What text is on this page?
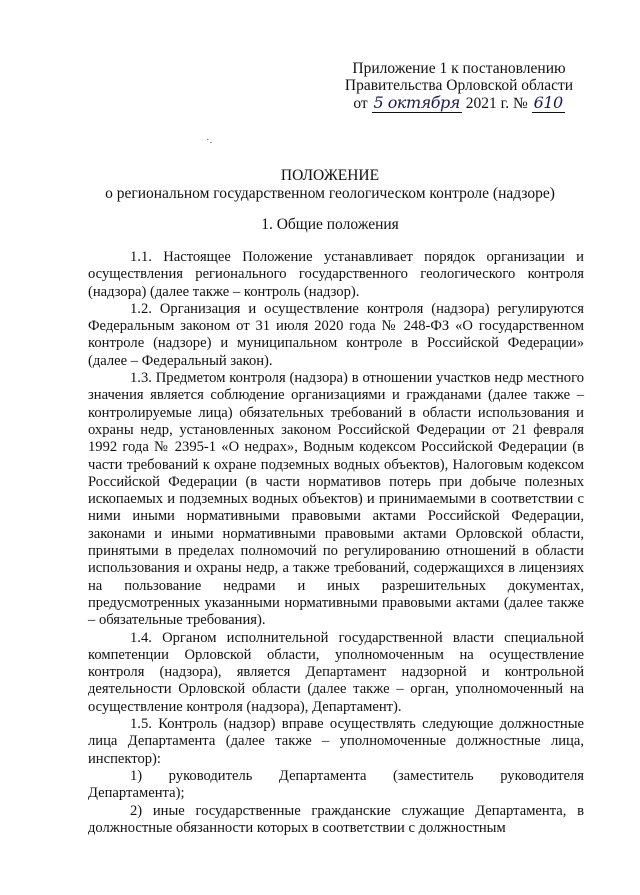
Приложение 1 к постановлению
Правительства Орловской области
от 5 октября 2021 г. № 610
·.
ПОЛОЖЕНИЕ
о региональном государственном геологическом контроле (надзоре)
1. Общие положения

1.1. Настоящее Положение устанавливает порядок организации и осуществления регионального государственного геологического контроля (надзора) (далее также – контроль (надзор).

1.2. Организация и осуществление контроля (надзора) регулируются Федеральным законом от 31 июля 2020 года № 248-ФЗ «О государственном контроле (надзоре) и муниципальном контроле в Российской Федерации» (далее – Федеральный закон).

1.3. Предметом контроля (надзора) в отношении участков недр местного значения является соблюдение организациями и гражданами (далее также – контролируемые лица) обязательных требований в области использования и охраны недр, установленных законом Российской Федерации от 21 февраля 1992 года № 2395-1 «О недрах», Водным кодексом Российской Федерации (в части требований к охране подземных водных объектов), Налоговым кодексом Российской Федерации (в части нормативов потерь при добыче полезных ископаемых и подземных водных объектов) и принимаемыми в соответствии с ними иными нормативными правовыми актами Российской Федерации, законами и иными нормативными правовыми актами Орловской области, принятыми в пределах полномочий по регулированию отношений в области использования и охраны недр, а также требований, содержащихся в лицензиях на пользование недрами и иных разрешительных документах, предусмотренных указанными нормативными правовыми актами (далее также – обязательные требования).

1.4. Органом исполнительной государственной власти специальной компетенции Орловской области, уполномоченным на осуществление контроля (надзора), является Департамент надзорной и контрольной деятельности Орловской области (далее также – орган, уполномоченный на осуществление контроля (надзора), Департамент).

1.5. Контроль (надзор) вправе осуществлять следующие должностные лица Департамента (далее также – уполномоченные должностные лица, инспектор):

1)     руководитель     Департамента     (заместитель     руководителя Департамента);

2) иные государственные гражданские служащие Департамента, в должностные обязанности которых в соответствии с должностным
